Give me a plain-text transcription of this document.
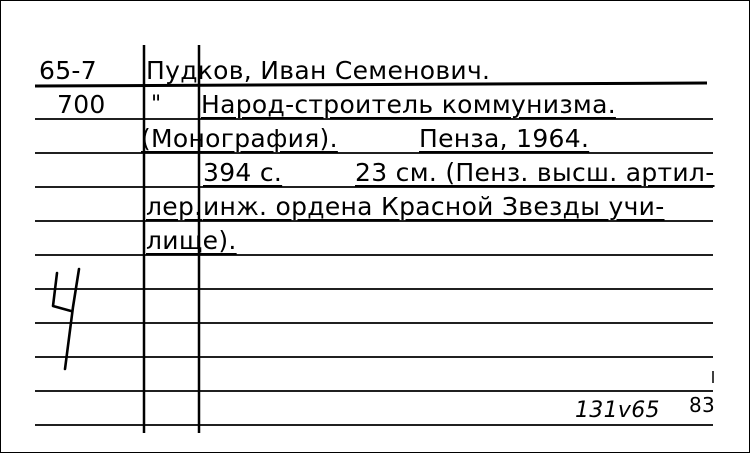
65-7
700
Пудков, Иван Семенович.
" Народ-строитель коммунизма.
(Монография).	Пенза, 1964.
394 с.	23 см. (Пенз. высш. артил-
лер. инж. ордена Красной Звезды учи-
лище).
131v65 83
